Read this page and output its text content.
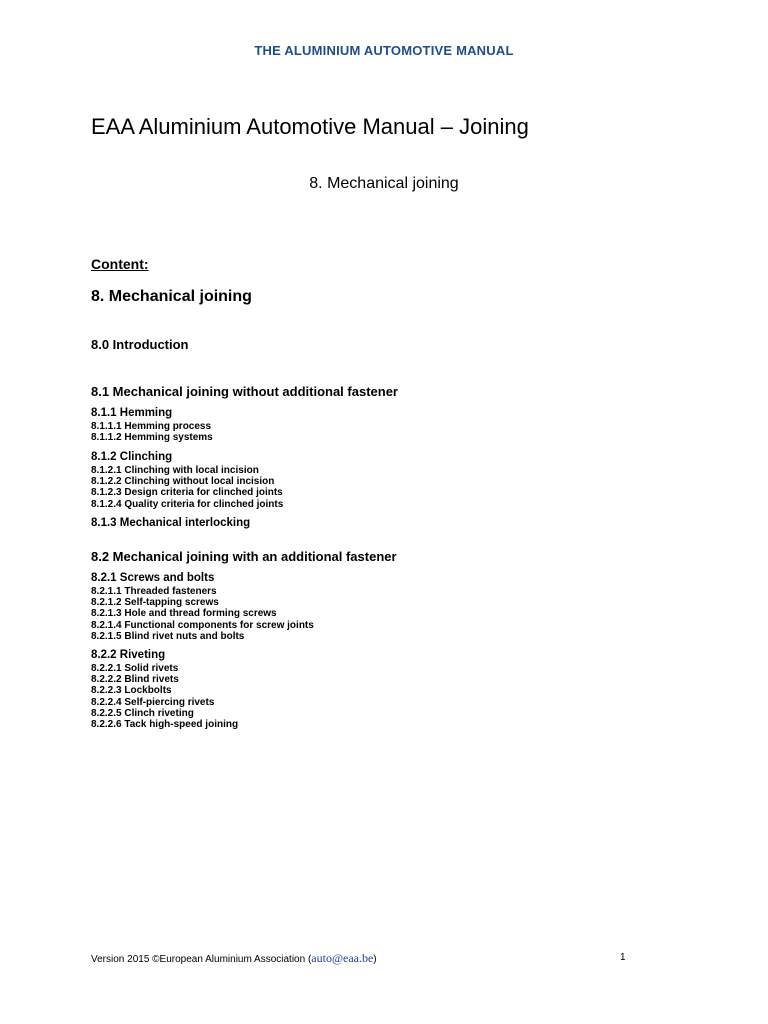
THE ALUMINIUM AUTOMOTIVE MANUAL
EAA Aluminium Automotive Manual – Joining
8. Mechanical joining
Content:
8. Mechanical joining
8.0 Introduction
8.1 Mechanical joining without additional fastener
8.1.1 Hemming
8.1.1.1 Hemming process
8.1.1.2 Hemming systems
8.1.2 Clinching
8.1.2.1 Clinching with local incision
8.1.2.2 Clinching without local incision
8.1.2.3 Design criteria for clinched joints
8.1.2.4 Quality criteria for clinched joints
8.1.3 Mechanical interlocking
8.2 Mechanical joining with an additional fastener
8.2.1 Screws and bolts
8.2.1.1 Threaded fasteners
8.2.1.2 Self-tapping screws
8.2.1.3 Hole and thread forming screws
8.2.1.4 Functional components for screw joints
8.2.1.5 Blind rivet nuts and bolts
8.2.2 Riveting
8.2.2.1 Solid rivets
8.2.2.2 Blind rivets
8.2.2.3 Lockbolts
8.2.2.4 Self-piercing rivets
8.2.2.5 Clinch riveting
8.2.2.6 Tack high-speed joining
Version 2015 ©European Aluminium Association (auto@eaa.be)	1
